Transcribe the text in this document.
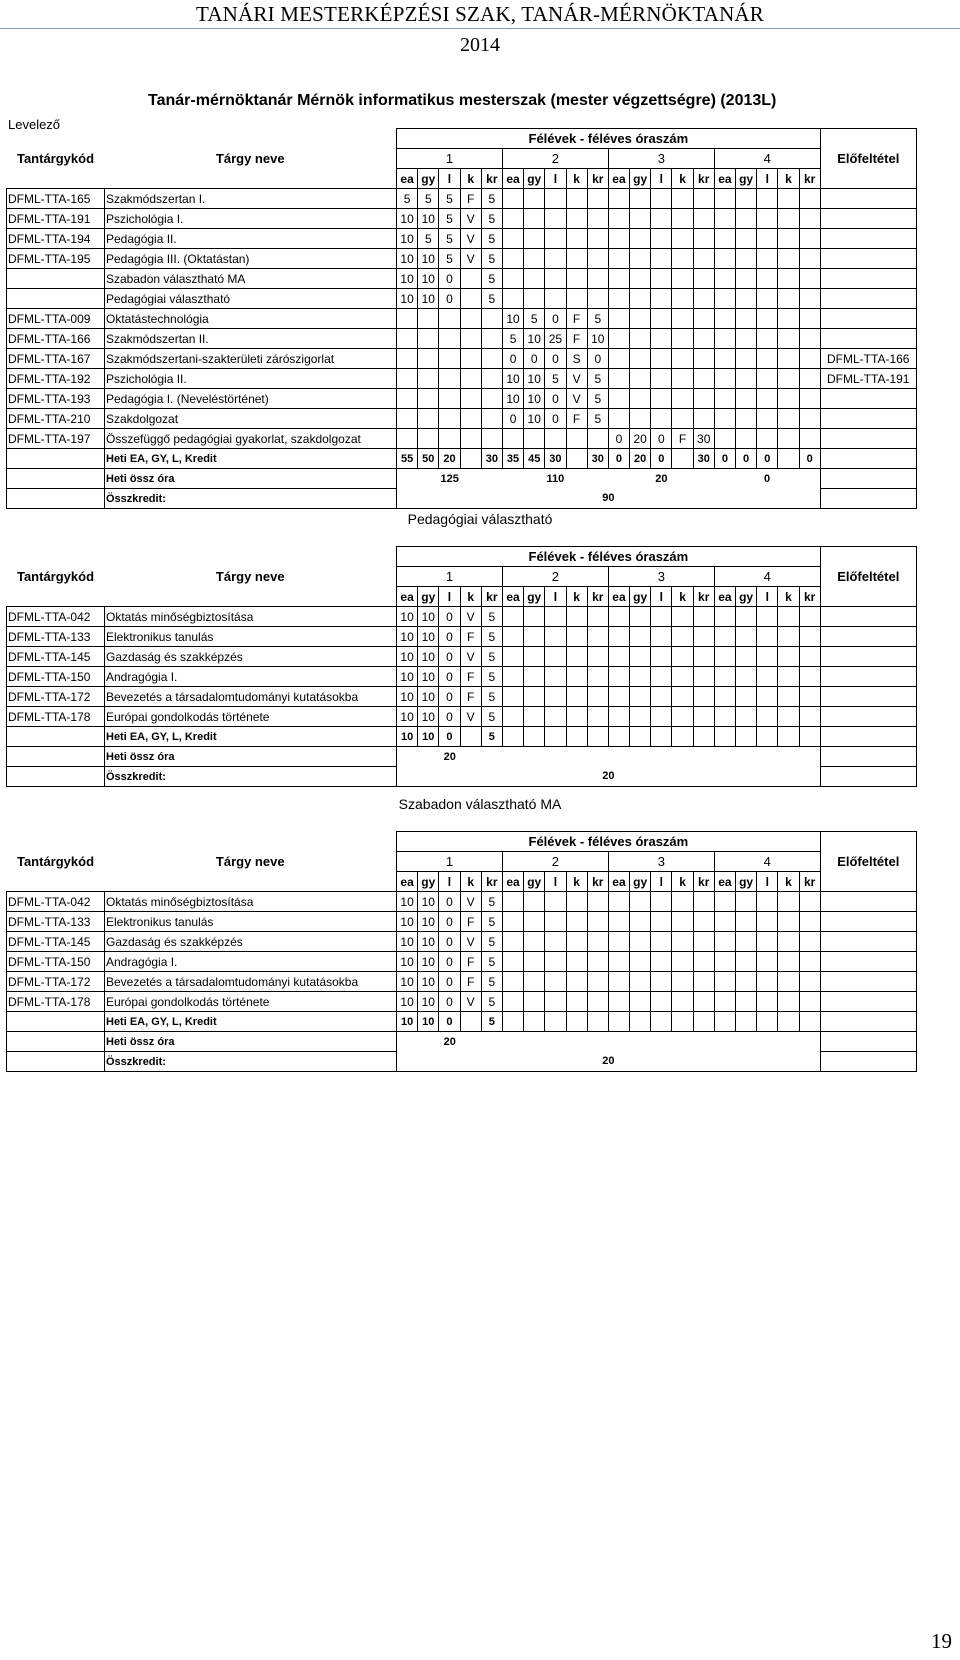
TANÁRI MESTERKÉPZÉSI SZAK, TANÁR-MÉRNÖKTANÁR
2014
Tanár-mérnöktanár Mérnök informatikus mesterszak (mester végzettségre) (2013L)
Levelező
		Félévek - féléves óraszám																				
Tantárgykód	Tárgy neve	1					2					3					4					Előfeltétel
		ea	gy	l	k	kr	ea	gy	l	k	kr	ea	gy	l	k	kr	ea	gy	l	k	kr	
DFML-TTA-165	Szakmódszertan I.	5	5	5	F	5																
DFML-TTA-191	Pszichológia I.	10	10	5	V	5																
DFML-TTA-194	Pedagógia II.	10	5	5	V	5																
DFML-TTA-195	Pedagógia III. (Oktatástan)	10	10	5	V	5																
	Szabadon választható MA	10	10	0		5																
	Pedagógiai választható	10	10	0		5																
DFML-TTA-009	Oktatástechnológia						10	5	0	F	5											
DFML-TTA-166	Szakmódszertan II.						5	10	25	F	10											
DFML-TTA-167	Szakmódszertani-szakterületi zárószigorlat						0	0	0	S	0											DFML-TTA-166
DFML-TTA-192	Pszichológia II.						10	10	5	V	5											DFML-TTA-191
DFML-TTA-193	Pedagógia I. (Neveléstörténet)						10	10	0	V	5											
DFML-TTA-210	Szakdolgozat						0	10	0	F	5											
DFML-TTA-197	Összefüggő pedagógiai gyakorlat, szakdolgozat											0	20	0	F	30						
	Heti EA, GY, L, Kredit	55	50	20		30	35	45	30		30	0	20	0		30	0	0	0		0	
	Heti össz óra	125					110					20					0					
	Összkredit:	90																				
Pedagógiai választható
		Félévek - féléves óraszám																				
Tantárgykód	Tárgy neve	1					2					3					4					Előfeltétel
		ea	gy	l	k	kr	ea	gy	l	k	kr	ea	gy	l	k	kr	ea	gy	l	k	kr	
DFML-TTA-042	Oktatás minőségbiztosítása	10	10	0	V	5																
DFML-TTA-133	Elektronikus tanulás	10	10	0	F	5																
DFML-TTA-145	Gazdaság és szakképzés	10	10	0	V	5																
DFML-TTA-150	Andragógia I.	10	10	0	F	5																
DFML-TTA-172	Bevezetés a társadalomtudományi kutatásokba	10	10	0	F	5																
DFML-TTA-178	Európai gondolkodás története	10	10	0	V	5																
	Heti EA, GY, L, Kredit	10	10	0		5																
	Heti össz óra	20																				
	Összkredit:	20																				
Szabadon választható MA
		Félévek - féléves óraszám																				
Tantárgykód	Tárgy neve	1					2					3					4					Előfeltétel
		ea	gy	l	k	kr	ea	gy	l	k	kr	ea	gy	l	k	kr	ea	gy	l	k	kr	
DFML-TTA-042	Oktatás minőségbiztosítása	10	10	0	V	5																
DFML-TTA-133	Elektronikus tanulás	10	10	0	F	5																
DFML-TTA-145	Gazdaság és szakképzés	10	10	0	V	5																
DFML-TTA-150	Andragógia I.	10	10	0	F	5																
DFML-TTA-172	Bevezetés a társadalomtudományi kutatásokba	10	10	0	F	5																
DFML-TTA-178	Európai gondolkodás története	10	10	0	V	5																
	Heti EA, GY, L, Kredit	10	10	0		5																
	Heti össz óra	20																				
	Összkredit:	20																				
19
